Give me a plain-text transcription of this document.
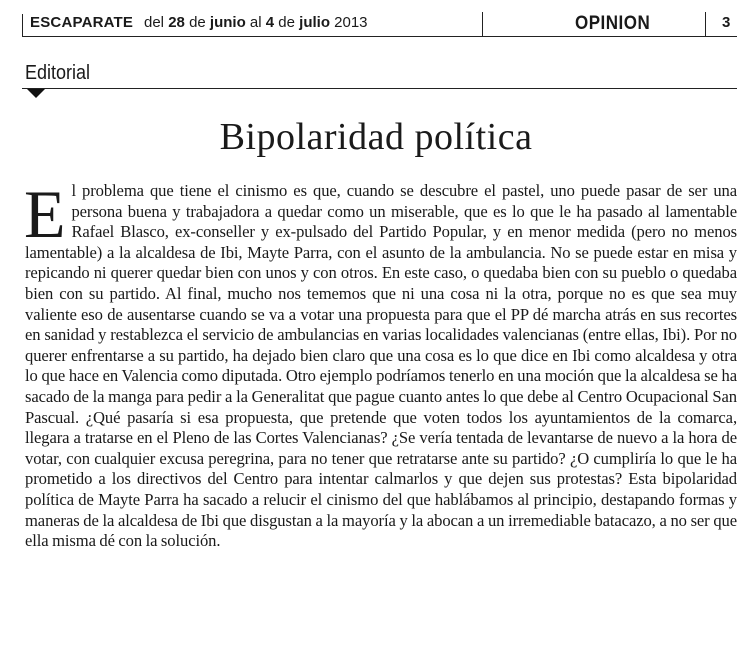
ESCAPARATE del 28 de junio al 4 de julio 2013	OPINION	3
Editorial
Bipolaridad política
E l problema que tiene el cinismo es que, cuando se descubre el pastel, uno puede pasar de ser una persona buena y trabajadora a quedar como un miserable, que es lo que le ha pasado al lamentable Rafael Blasco, ex-conseller y ex-pulsado del Partido Popular, y en menor medida (pero no menos lamentable) a la alcaldesa de Ibi, Mayte Parra, con el asunto de la ambulancia. No se puede estar en misa y repicando ni querer quedar bien con unos y con otros. En este caso, o quedaba bien con su pueblo o quedaba bien con su partido. Al final, mucho nos tememos que ni una cosa ni la otra, porque no es que sea muy valiente eso de ausentarse cuando se va a votar una propuesta para que el PP dé marcha atrás en sus recortes en sanidad y restablezca el servicio de ambulancias en varias localidades valencianas (entre ellas, Ibi). Por no querer enfrentarse a su partido, ha dejado bien claro que una cosa es lo que dice en Ibi como alcaldesa y otra lo que hace en Valencia como diputada. Otro ejemplo podríamos tenerlo en una moción que la alcaldesa se ha sacado de la manga para pedir a la Generalitat que pague cuanto antes lo que debe al Centro Ocupacional San Pascual. ¿Qué pasaría si esa propuesta, que pretende que voten todos los ayuntamientos de la comarca, llegara a tratarse en el Pleno de las Cortes Valencianas? ¿Se vería tentada de levantarse de nuevo a la hora de votar, con cualquier excusa peregrina, para no tener que retratarse ante su partido? ¿O cumpliría lo que le ha prometido a los directivos del Centro para intentar calmarlos y que dejen sus protestas? Esta bipolaridad política de Mayte Parra ha sacado a relucir el cinismo del que hablábamos al principio, destapando formas y maneras de la alcaldesa de Ibi que disgustan a la mayoría y la abocan a un irremediable batacazo, a no ser que ella misma dé con la solución.
